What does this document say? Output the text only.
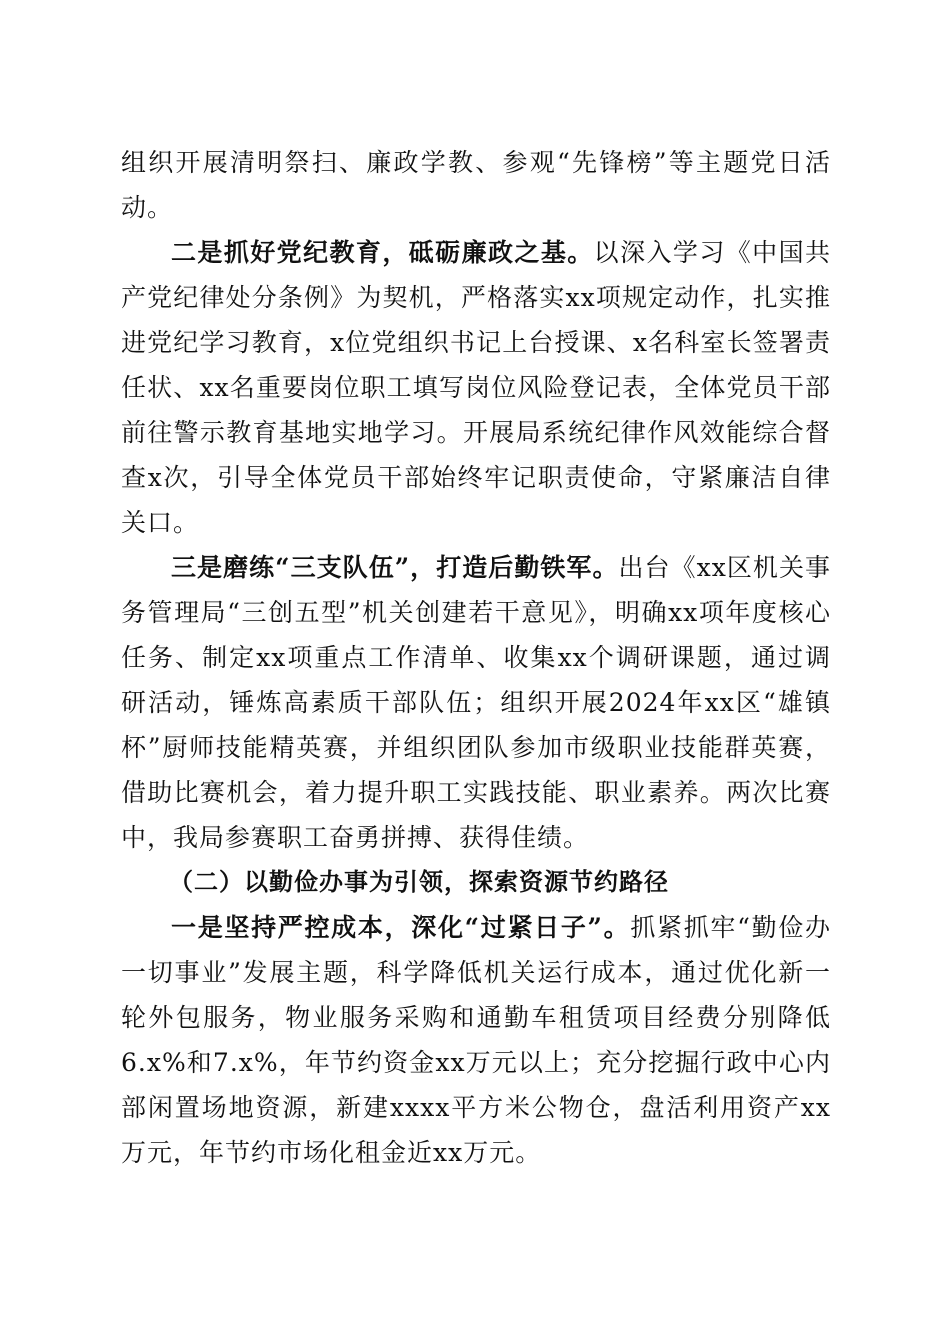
组织开展清明祭扫、廉政学教、参观“先锋榜”等主题党日活动。

二是抓好党纪教育，砥砺廉政之基。以深入学习《中国共产党纪律处分条例》为契机，严格落实xx项规定动作，扎实推进党纪学习教育，x位党组织书记上台授课、x名科室长签署责任状、xx名重要岗位职工填写岗位风险登记表，全体党员干部前往警示教育基地实地学习。开展局系统纪律作风效能综合督查x次，引导全体党员干部始终牢记职责使命，守紧廉洁自律关口。

三是磨练“三支队伍”，打造后勤铁军。出台《xx区机关事务管理局“三创五型”机关创建若干意见》，明确xx项年度核心任务、制定xx项重点工作清单、收集xx个调研课题，通过调研活动，锤炼高素质干部队伍；组织开展2024年xx区“雄镇杯”厨师技能精英赛，并组织团队参加市级职业技能群英赛，借助比赛机会，着力提升职工实践技能、职业素养。两次比赛中，我局参赛职工奋勇拼搏、获得佳绩。

（二）以勤俭办事为引领，探索资源节约路径

一是坚持严控成本，深化“过紧日子”。抓紧抓牢“勤俭办一切事业”发展主题，科学降低机关运行成本，通过优化新一轮外包服务，物业服务采购和通勤车租赁项目经费分别降低6.x%和7.x%，年节约资金xx万元以上；充分挖掘行政中心内部闲置场地资源，新建xxxx平方米公物仓，盘活利用资产xx万元，年节约市场化租金近xx万元。
